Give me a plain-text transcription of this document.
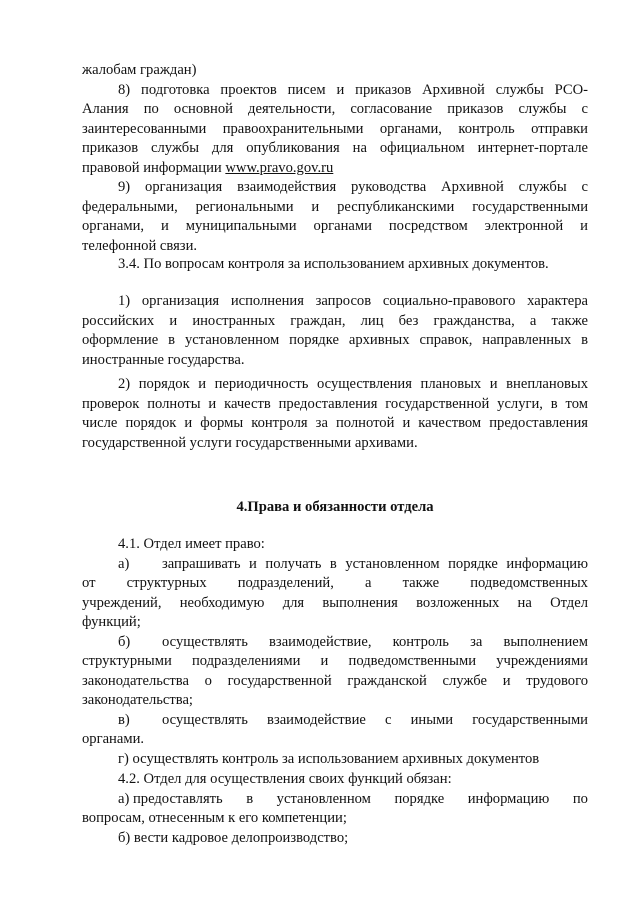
жалобам граждан)
8) подготовка проектов писем и приказов Архивной службы РСО-
Алания по основной деятельности, согласование приказов службы с
заинтересованными правоохранительными органами, контроль отправки
приказов службы для опубликования на официальном интернет-портале
правовой информации www.pravo.gov.ru
9) организация взаимодействия руководства Архивной службы с
федеральными, региональными и республиканскими государственными
органами, и муниципальными органами посредством электронной и
телефонной связи.
3.4. По вопросам контроля за использованием архивных документов.
1) организация исполнения запросов социально-правового характера
российских и иностранных граждан, лиц без гражданства, а также
оформление в установленном порядке архивных справок, направленных в
иностранные государства.
2) порядок и периодичность осуществления плановых и внеплановых
проверок полноты и качеств предоставления государственной услуги, в том
числе порядок и формы контроля за полнотой и качеством предоставления
государственной услуги государственными архивами.
4.Права и обязанности отдела
4.1. Отдел имеет право:
а)	запрашивать и получать в установленном порядке информацию
от структурных подразделений, а также подведомственных
учреждений, необходимую для выполнения возложенных на Отдел
функций;
б)	осуществлять взаимодействие, контроль за выполнением
структурными подразделениями и подведомственными учреждениями
законодательства о государственной гражданской службе и трудового
законодательства;
в)	осуществлять взаимодействие с иными государственными
органами.
г) осуществлять контроль за использованием архивных документов
4.2. Отдел для осуществления своих функций обязан:
а) предоставлять в установленном порядке информацию по
вопросам, отнесенным к его компетенции;
б) вести кадровое делопроизводство;
